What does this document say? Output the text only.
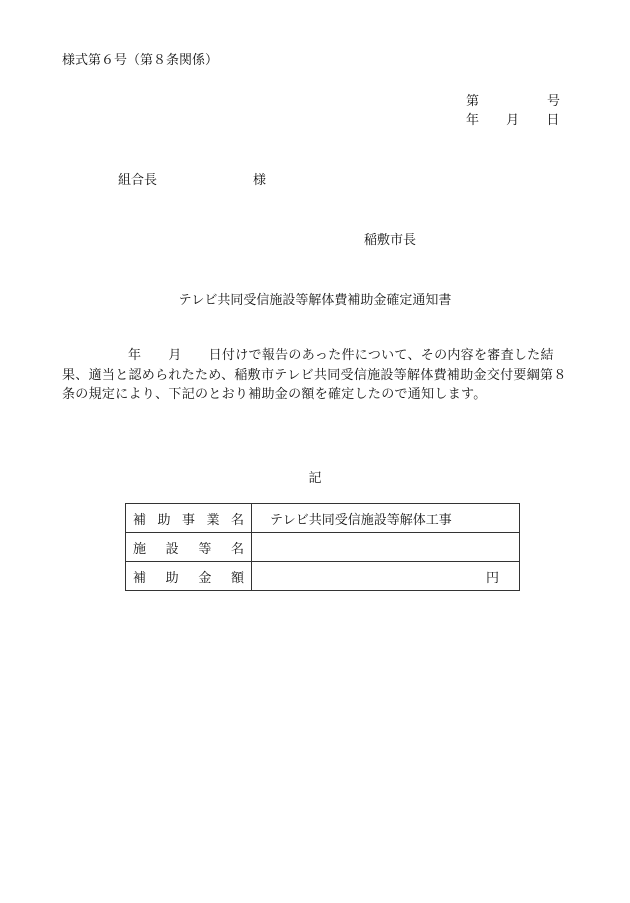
様式第６号（第８条関係）
第	号
年 月 日
組合長	様
稲敷市長
テレビ共同受信施設等解体費補助金確定通知書
年 月 日付けで報告のあった件について、その内容を審査した結果、適当と認められたため、稲敷市テレビ共同受信施設等解体費補助金交付要綱第８条の規定により、下記のとおり補助金の額を確定したので通知します。
記
補 助 事 業 名	テレビ共同受信施設等解体工事

施 設 等 名	

補 助 金 額	円
